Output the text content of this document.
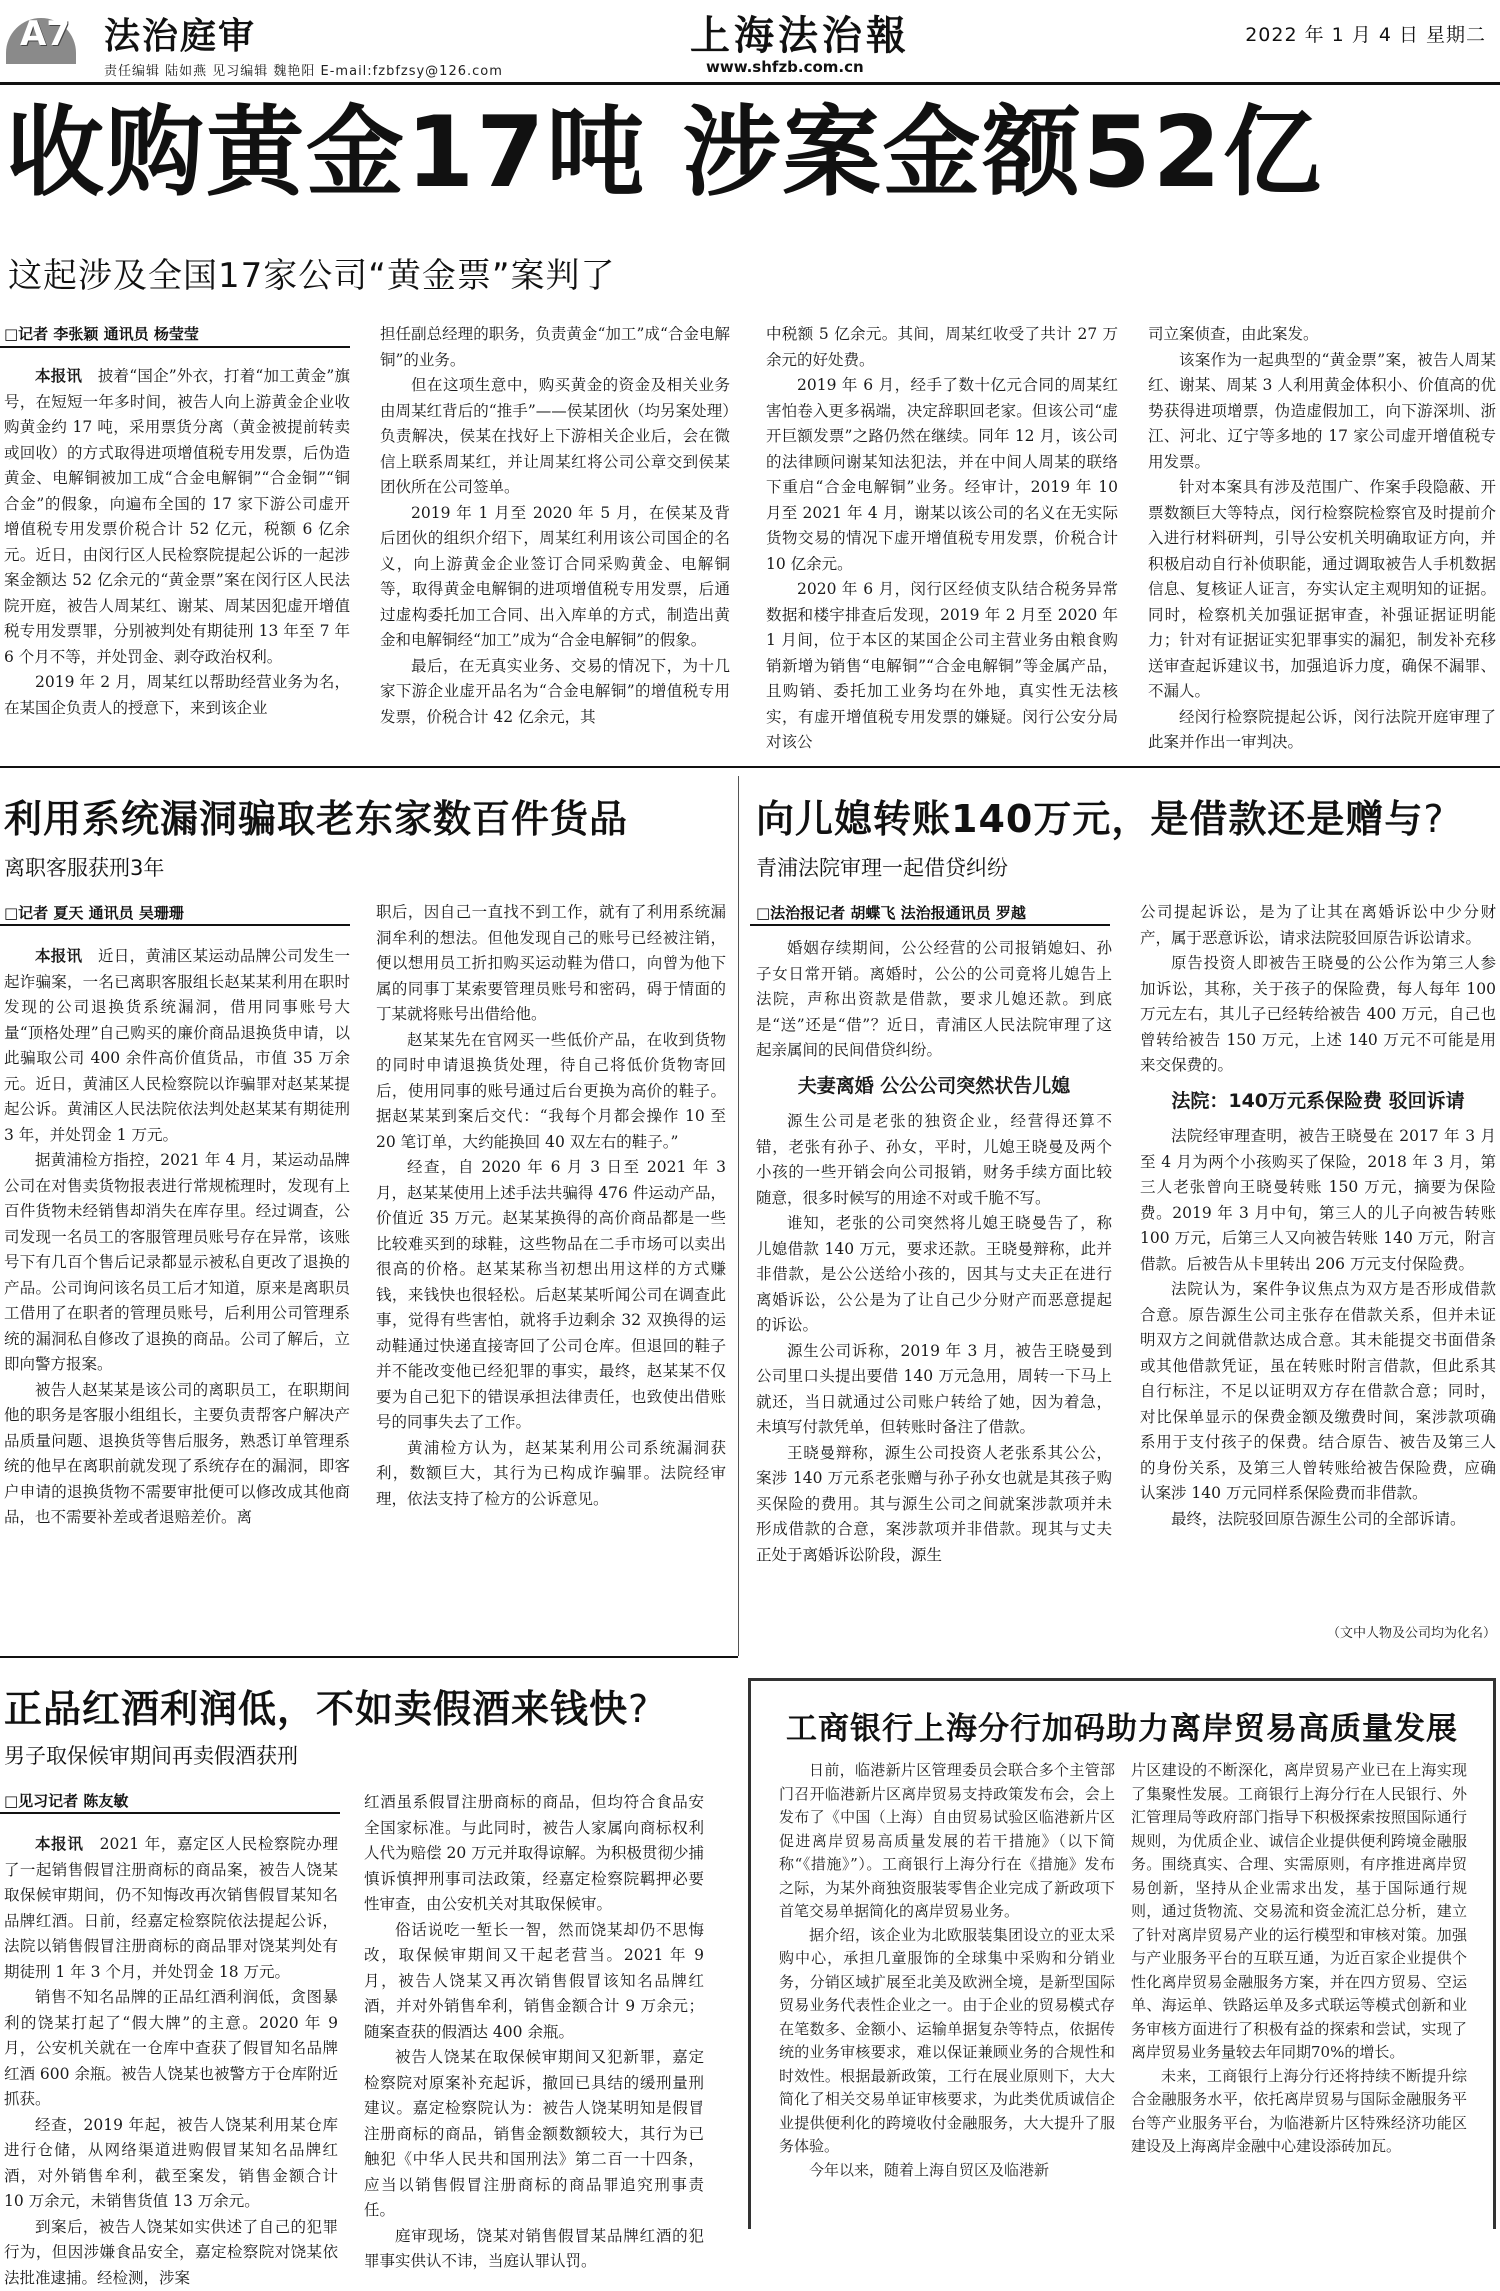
A7 法治庭审
责任编辑 陆如燕 见习编辑 魏艳阳 E-mail:fzbfzsy@126.com
上海法治報
www.shfzb.com.cn
2022 年 1 月 4 日 星期二
收购黄金17吨 涉案金额52亿
这起涉及全国17家公司“黄金票”案判了
□记者 李张颖 通讯员 杨莹莹

本报讯　披着“国企”外衣，打着“加工黄金”旗号，在短短一年多时间，被告人向上游黄金企业收购黄金约 17 吨，采用票货分离（黄金被提前转卖或回收）的方式取得进项增值税专用发票，后伪造黄金、电解铜被加工成“合金电解铜”“合金铜”“铜合金”的假象，向遍布全国的 17 家下游公司虚开增值税专用发票价税合计 52 亿元，税额 6 亿余元。近日，由闵行区人民检察院提起公诉的一起涉案金额达 52 亿余元的“黄金票”案在闵行区人民法院开庭，被告人周某红、谢某、周某因犯虚开增值税专用发票罪，分别被判处有期徒刑 13 年至 7 年 6 个月不等，并处罚金、剥夺政治权利。

2019 年 2 月，周某红以帮助经营业务为名，在某国企负责人的授意下，来到该企业

担任副总经理的职务，负责黄金“加工”成“合金电解铜”的业务。

但在这项生意中，购买黄金的资金及相关业务由周某红背后的“推手”——侯某团伙（均另案处理）负责解决，侯某在找好上下游相关企业后，会在微信上联系周某红，并让周某红将公司公章交到侯某团伙所在公司签单。

2019 年 1 月至 2020 年 5 月，在侯某及背后团伙的组织介绍下，周某红利用该公司国企的名义，向上游黄金企业签订合同采购黄金、电解铜等，取得黄金电解铜的进项增值税专用发票，后通过虚构委托加工合同、出入库单的方式，制造出黄金和电解铜经“加工”成为“合金电解铜”的假象。

最后，在无真实业务、交易的情况下，为十几家下游企业虚开品名为“合金电解铜”的增值税专用发票，价税合计 42 亿余元，其

中税额 5 亿余元。其间，周某红收受了共计 27 万余元的好处费。

2019 年 6 月，经手了数十亿元合同的周某红害怕卷入更多祸端，决定辞职回老家。但该公司“虚开巨额发票”之路仍然在继续。同年 12 月，该公司的法律顾问谢某知法犯法，并在中间人周某的联络下重启“合金电解铜”业务。经审计，2019 年 10 月至 2021 年 4 月，谢某以该公司的名义在无实际货物交易的情况下虚开增值税专用发票，价税合计 10 亿余元。

2020 年 6 月，闵行区经侦支队结合税务异常数据和楼宇排查后发现，2019 年 2 月至 2020 年 1 月间，位于本区的某国企公司主营业务由粮食购销新增为销售“电解铜”“合金电解铜”等金属产品，且购销、委托加工业务均在外地，真实性无法核实，有虚开增值税专用发票的嫌疑。闵行公安分局对该公

司立案侦查，由此案发。

该案作为一起典型的“黄金票”案，被告人周某红、谢某、周某 3 人利用黄金体积小、价值高的优势获得进项增票，伪造虚假加工，向下游深圳、浙江、河北、辽宁等多地的 17 家公司虚开增值税专用发票。

针对本案具有涉及范围广、作案手段隐蔽、开票数额巨大等特点，闵行检察院检察官及时提前介入进行材料研判，引导公安机关明确取证方向，并积极启动自行补侦职能，通过调取被告人手机数据信息、复核证人证言，夯实认定主观明知的证据。同时，检察机关加强证据审查，补强证据证明能力；针对有证据证实犯罪事实的漏犯，制发补充移送审查起诉建议书，加强追诉力度，确保不漏罪、不漏人。

经闵行检察院提起公诉，闵行法院开庭审理了此案并作出一审判决。

利用系统漏洞骗取老东家数百件货品
离职客服获刑3年
□记者 夏天 通讯员 吴珊珊

本报讯　近日，黄浦区某运动品牌公司发生一起诈骗案，一名已离职客服组长赵某某利用在职时发现的公司退换货系统漏洞，借用同事账号大量“顶格处理”自己购买的廉价商品退换货申请，以此骗取公司 400 余件高价值货品，市值 35 万余元。近日，黄浦区人民检察院以诈骗罪对赵某某提起公诉。黄浦区人民法院依法判处赵某某有期徒刑 3 年，并处罚金 1 万元。

据黄浦检方指控，2021 年 4 月，某运动品牌公司在对售卖货物报表进行常规梳理时，发现有上百件货物未经销售却消失在库存里。经过调查，公司发现一名员工的客服管理员账号存在异常，该账号下有几百个售后记录都显示被私自更改了退换的产品。公司询问该名员工后才知道，原来是离职员工借用了在职者的管理员账号，后利用公司管理系统的漏洞私自修改了退换的商品。公司了解后，立即向警方报案。

被告人赵某某是该公司的离职员工，在职期间他的职务是客服小组组长，主要负责帮客户解决产品质量问题、退换货等售后服务，熟悉订单管理系统的他早在离职前就发现了系统存在的漏洞，即客户申请的退换货物不需要审批便可以修改成其他商品，也不需要补差或者退赔差价。离

职后，因自己一直找不到工作，就有了利用系统漏洞牟利的想法。但他发现自己的账号已经被注销，便以想用员工折扣购买运动鞋为借口，向曾为他下属的同事丁某索要管理员账号和密码，碍于情面的丁某就将账号出借给他。

赵某某先在官网买一些低价产品，在收到货物的同时申请退换货处理，待自己将低价货物寄回后，使用同事的账号通过后台更换为高价的鞋子。据赵某某到案后交代：“我每个月都会操作 10 至 20 笔订单，大约能换回 40 双左右的鞋子。”

经查，自 2020 年 6 月 3 日至 2021 年 3 月，赵某某使用上述手法共骗得 476 件运动产品，价值近 35 万元。赵某某换得的高价商品都是一些比较难买到的球鞋，这些物品在二手市场可以卖出很高的价格。赵某某称当初想出用这样的方式赚钱，来钱快也很轻松。后赵某某听闻公司在调查此事，觉得有些害怕，就将手边剩余 32 双换得的运动鞋通过快递直接寄回了公司仓库。但退回的鞋子并不能改变他已经犯罪的事实，最终，赵某某不仅要为自己犯下的错误承担法律责任，也致使出借账号的同事失去了工作。

黄浦检方认为，赵某某利用公司系统漏洞获利，数额巨大，其行为已构成诈骗罪。法院经审理，依法支持了检方的公诉意见。

向儿媳转账140万元，是借款还是赠与?
青浦法院审理一起借贷纠纷
□法治报记者 胡蝶飞 法治报通讯员 罗越

婚姻存续期间，公公经营的公司报销媳妇、孙子女日常开销。离婚时，公公的公司竟将儿媳告上法院，声称出资款是借款，要求儿媳还款。到底是“送”还是“借”？近日，青浦区人民法院审理了这起亲属间的民间借贷纠纷。

夫妻离婚 公公公司突然状告儿媳

源生公司是老张的独资企业，经营得还算不错，老张有孙子、孙女，平时，儿媳王晓曼及两个小孩的一些开销会向公司报销，财务手续方面比较随意，很多时候写的用途不对或千脆不写。

谁知，老张的公司突然将儿媳王晓曼告了，称儿媳借款 140 万元，要求还款。王晓曼辩称，此并非借款，是公公送给小孩的，因其与丈夫正在进行离婚诉讼，公公是为了让自己少分财产而恶意提起的诉讼。

源生公司诉称，2019 年 3 月，被告王晓曼到公司里口头提出要借 140 万元急用，周转一下马上就还，当日就通过公司账户转给了她，因为着急，未填写付款凭单，但转账时备注了借款。

王晓曼辩称，源生公司投资人老张系其公公，案涉 140 万元系老张赠与孙子孙女也就是其孩子购买保险的费用。其与源生公司之间就案涉款项并未形成借款的合意，案涉款项并非借款。现其与丈夫正处于离婚诉讼阶段，源生

公司提起诉讼，是为了让其在离婚诉讼中少分财产，属于恶意诉讼，请求法院驳回原告诉讼请求。

原告投资人即被告王晓曼的公公作为第三人参加诉讼，其称，关于孩子的保险费，每人每年 100 万元左右，其儿子已经转给被告 400 万元，自己也曾转给被告 150 万元，上述 140 万元不可能是用来交保费的。

法院：140万元系保险费 驳回诉请

法院经审理查明，被告王晓曼在 2017 年 3 月至 4 月为两个小孩购买了保险，2018 年 3 月，第三人老张曾向王晓曼转账 150 万元，摘要为保险费。2019 年 3 月中旬，第三人的儿子向被告转账 100 万元，后第三人又向被告转账 140 万元，附言借款。后被告从卡里转出 206 万元支付保险费。

法院认为，案件争议焦点为双方是否形成借款合意。原告源生公司主张存在借款关系，但并未证明双方之间就借款达成合意。其未能提交书面借条或其他借款凭证，虽在转账时附言借款，但此系其自行标注，不足以证明双方存在借款合意；同时，对比保单显示的保费金额及缴费时间，案涉款项确系用于支付孩子的保费。结合原告、被告及第三人的身份关系，及第三人曾转账给被告保险费，应确认案涉 140 万元同样系保险费而非借款。

最终，法院驳回原告源生公司的全部诉请。

（文中人物及公司均为化名）

正品红酒利润低，不如卖假酒来钱快?
男子取保候审期间再卖假酒获刑
□见习记者 陈友敏

本报讯　2021 年，嘉定区人民检察院办理了一起销售假冒注册商标的商品案，被告人饶某取保候审期间，仍不知悔改再次销售假冒某知名品牌红酒。日前，经嘉定检察院依法提起公诉，法院以销售假冒注册商标的商品罪对饶某判处有期徒刑 1 年 3 个月，并处罚金 18 万元。

销售不知名品牌的正品红酒利润低，贪图暴利的饶某打起了“假大牌”的主意。2020 年 9 月，公安机关就在一仓库中查获了假冒知名品牌红酒 600 余瓶。被告人饶某也被警方于仓库附近抓获。

经查，2019 年起，被告人饶某利用某仓库进行仓储，从网络渠道进购假冒某知名品牌红酒，对外销售牟利，截至案发，销售金额合计 10 万余元，未销售货值 13 万余元。

到案后，被告人饶某如实供述了自己的犯罪行为，但因涉嫌食品安全，嘉定检察院对饶某依法批准逮捕。经检测，涉案

红酒虽系假冒注册商标的商品，但均符合食品安全国家标准。与此同时，被告人家属向商标权利人代为赔偿 20 万元并取得谅解。为积极贯彻少捕慎诉慎押刑事司法政策，经嘉定检察院羁押必要性审查，由公安机关对其取保候审。

俗话说吃一堑长一智，然而饶某却仍不思悔改，取保候审期间又干起老营当。2021 年 9 月，被告人饶某又再次销售假冒该知名品牌红酒，并对外销售牟利，销售金额合计 9 万余元；随案查获的假酒达 400 余瓶。

被告人饶某在取保候审期间又犯新罪，嘉定检察院对原案补充起诉，撤回已具结的缓刑量刑建议。嘉定检察院认为：被告人饶某明知是假冒注册商标的商品，销售金额数额较大，其行为已触犯《中华人民共和国刑法》第二百一十四条，应当以销售假冒注册商标的商品罪追究刑事责任。

庭审现场，饶某对销售假冒某品牌红酒的犯罪事实供认不讳，当庭认罪认罚。

工商银行上海分行加码助力离岸贸易高质量发展

日前，临港新片区管理委员会联合多个主管部门召开临港新片区离岸贸易支持政策发布会，会上发布了《中国（上海）自由贸易试验区临港新片区促进离岸贸易高质量发展的若干措施》（以下简称“《措施》”）。工商银行上海分行在《措施》发布之际，为某外商独资服装零售企业完成了新政项下首笔交易单据简化的离岸贸易业务。

据介绍，该企业为北欧服装集团设立的亚太采购中心，承担几童服饰的全球集中采购和分销业务，分销区域扩展至北美及欧洲全境，是新型国际贸易业务代表性企业之一。由于企业的贸易模式存在笔数多、金额小、运输单据复杂等特点，依据传统的业务审核要求，难以保证兼顾业务的合规性和时效性。根据最新政策，工行在展业原则下，大大简化了相关交易单证审核要求，为此类优质诚信企业提供便利化的跨境收付金融服务，大大提升了服务体验。

今年以来，随着上海自贸区及临港新

片区建设的不断深化，离岸贸易产业已在上海实现了集聚性发展。工商银行上海分行在人民银行、外汇管理局等政府部门指导下积极探索按照国际通行规则，为优质企业、诚信企业提供便利跨境金融服务。围绕真实、合理、实需原则，有序推进离岸贸易创新，坚持从企业需求出发，基于国际通行规则，通过货物流、交易流和资金流汇总分析，建立了针对离岸贸易产业的运行模型和审核对策。加强与产业服务平台的互联互通，为近百家企业提供个性化离岸贸易金融服务方案，并在四方贸易、空运单、海运单、铁路运单及多式联运等模式创新和业务审核方面进行了积极有益的探索和尝试，实现了离岸贸易业务量较去年同期70%的增长。

未来，工商银行上海分行还将持续不断提升综合金融服务水平，依托离岸贸易与国际金融服务平台等产业服务平台，为临港新片区特殊经济功能区建设及上海离岸金融中心建设添砖加瓦。
